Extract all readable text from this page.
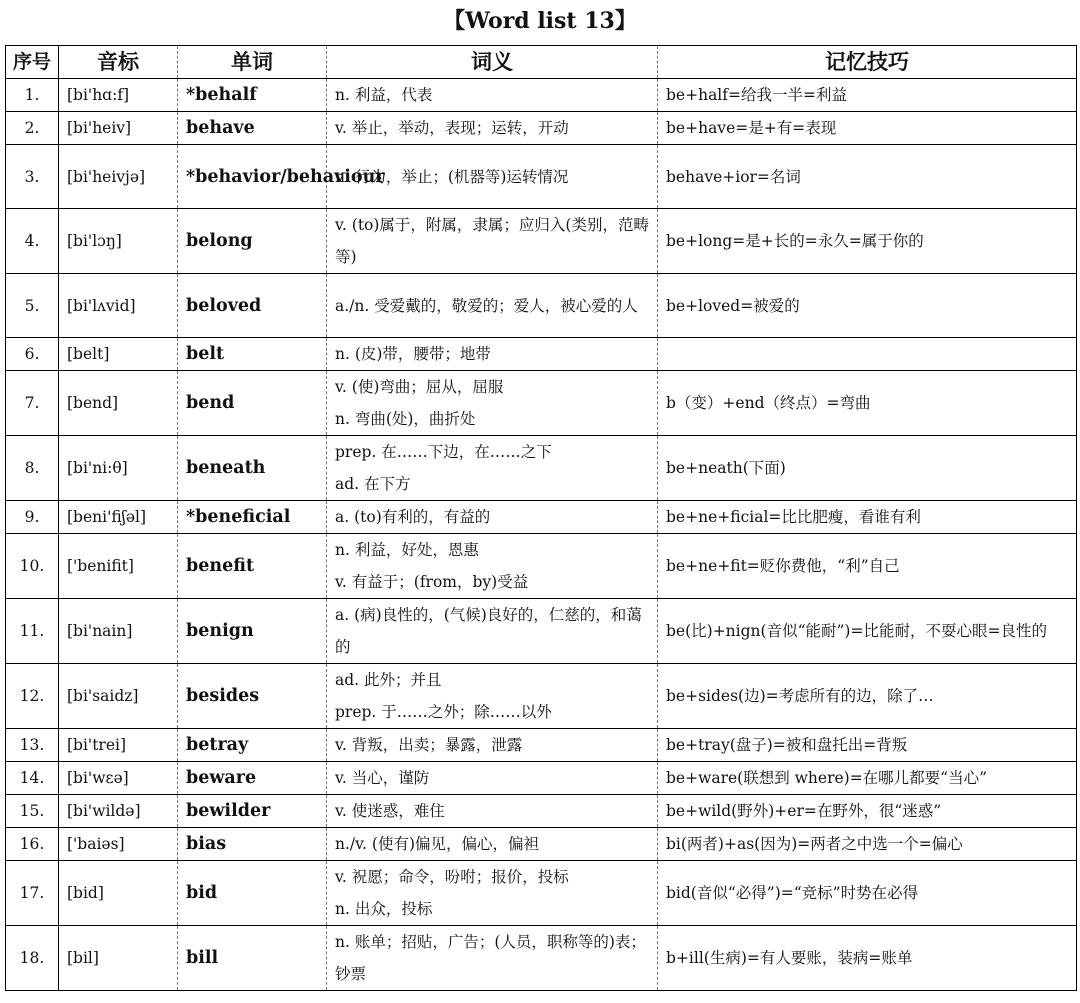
【Word list 13】
序号	音标	单词	词义	记忆技巧
1.	[bi'hɑ:f]	*behalf	n. 利益，代表	be+half=给我一半=利益
2.	[bi'heiv]	behave	v. 举止，举动，表现；运转，开动	be+have=是+有=表现
3.	[bi'heivjə]	*behavior/behaviour	n. 行为，举止；(机器等)运转情况	behave+ior=名词
4.	[bi'lɔŋ]	belong	v. (to)属于，附属，隶属；应归入(类别，范畴等)	be+long=是+长的=永久=属于你的
5.	[bi'lʌvid]	beloved	a./n. 受爱戴的，敬爱的；爱人，被心爱的人	be+loved=被爱的
6.	[belt]	belt	n. (皮)带，腰带；地带	

7.	[bend]	bend	v. (使)弯曲；屈从，屈服
n. 弯曲(处)，曲折处	b（变）+end（终点）=弯曲
8.	[bi'ni:θ]	beneath	prep. 在……下边，在……之下
ad. 在下方	be+neath(下面)
9.	[beni'fiʃəl]	*beneficial	a. (to)有利的，有益的	be+ne+ficial=比比肥瘦，看谁有利
10.	['benifit]	benefit	n. 利益，好处，恩惠
v. 有益于；(from，by)受益	be+ne+fit=贬你费他，“利”自己
11.	[bi'nain]	benign	a. (病)良性的，(气候)良好的，仁慈的，和蔼的	be(比)+nign(音似“能耐”)=比能耐，不耍心眼=良性的
12.	[bi'saidz]	besides	ad. 此外；并且
prep. 于……之外；除……以外	be+sides(边)=考虑所有的边，除了…
13.	[bi'trei]	betray	v. 背叛，出卖；暴露，泄露	be+tray(盘子)=被和盘托出=背叛
14.	[bi'wεə]	beware	v. 当心，谨防	be+ware(联想到 where)=在哪儿都要“当心”
15.	[bi'wildə]	bewilder	v. 使迷惑，难住	be+wild(野外)+er=在野外，很“迷惑”
16.	['baiəs]	bias	n./v. (使有)偏见，偏心，偏袒	bi(两者)+as(因为)=两者之中选一个=偏心
17.	[bid]	bid	v. 祝愿；命令，吩咐；报价，投标
n. 出众，投标	bid(音似“必得”)=“竞标”时势在必得
18.	[bil]	bill	n. 账单；招贴，广告；(人员，职称等的)表；钞票	b+ill(生病)=有人要账，装病=账单
